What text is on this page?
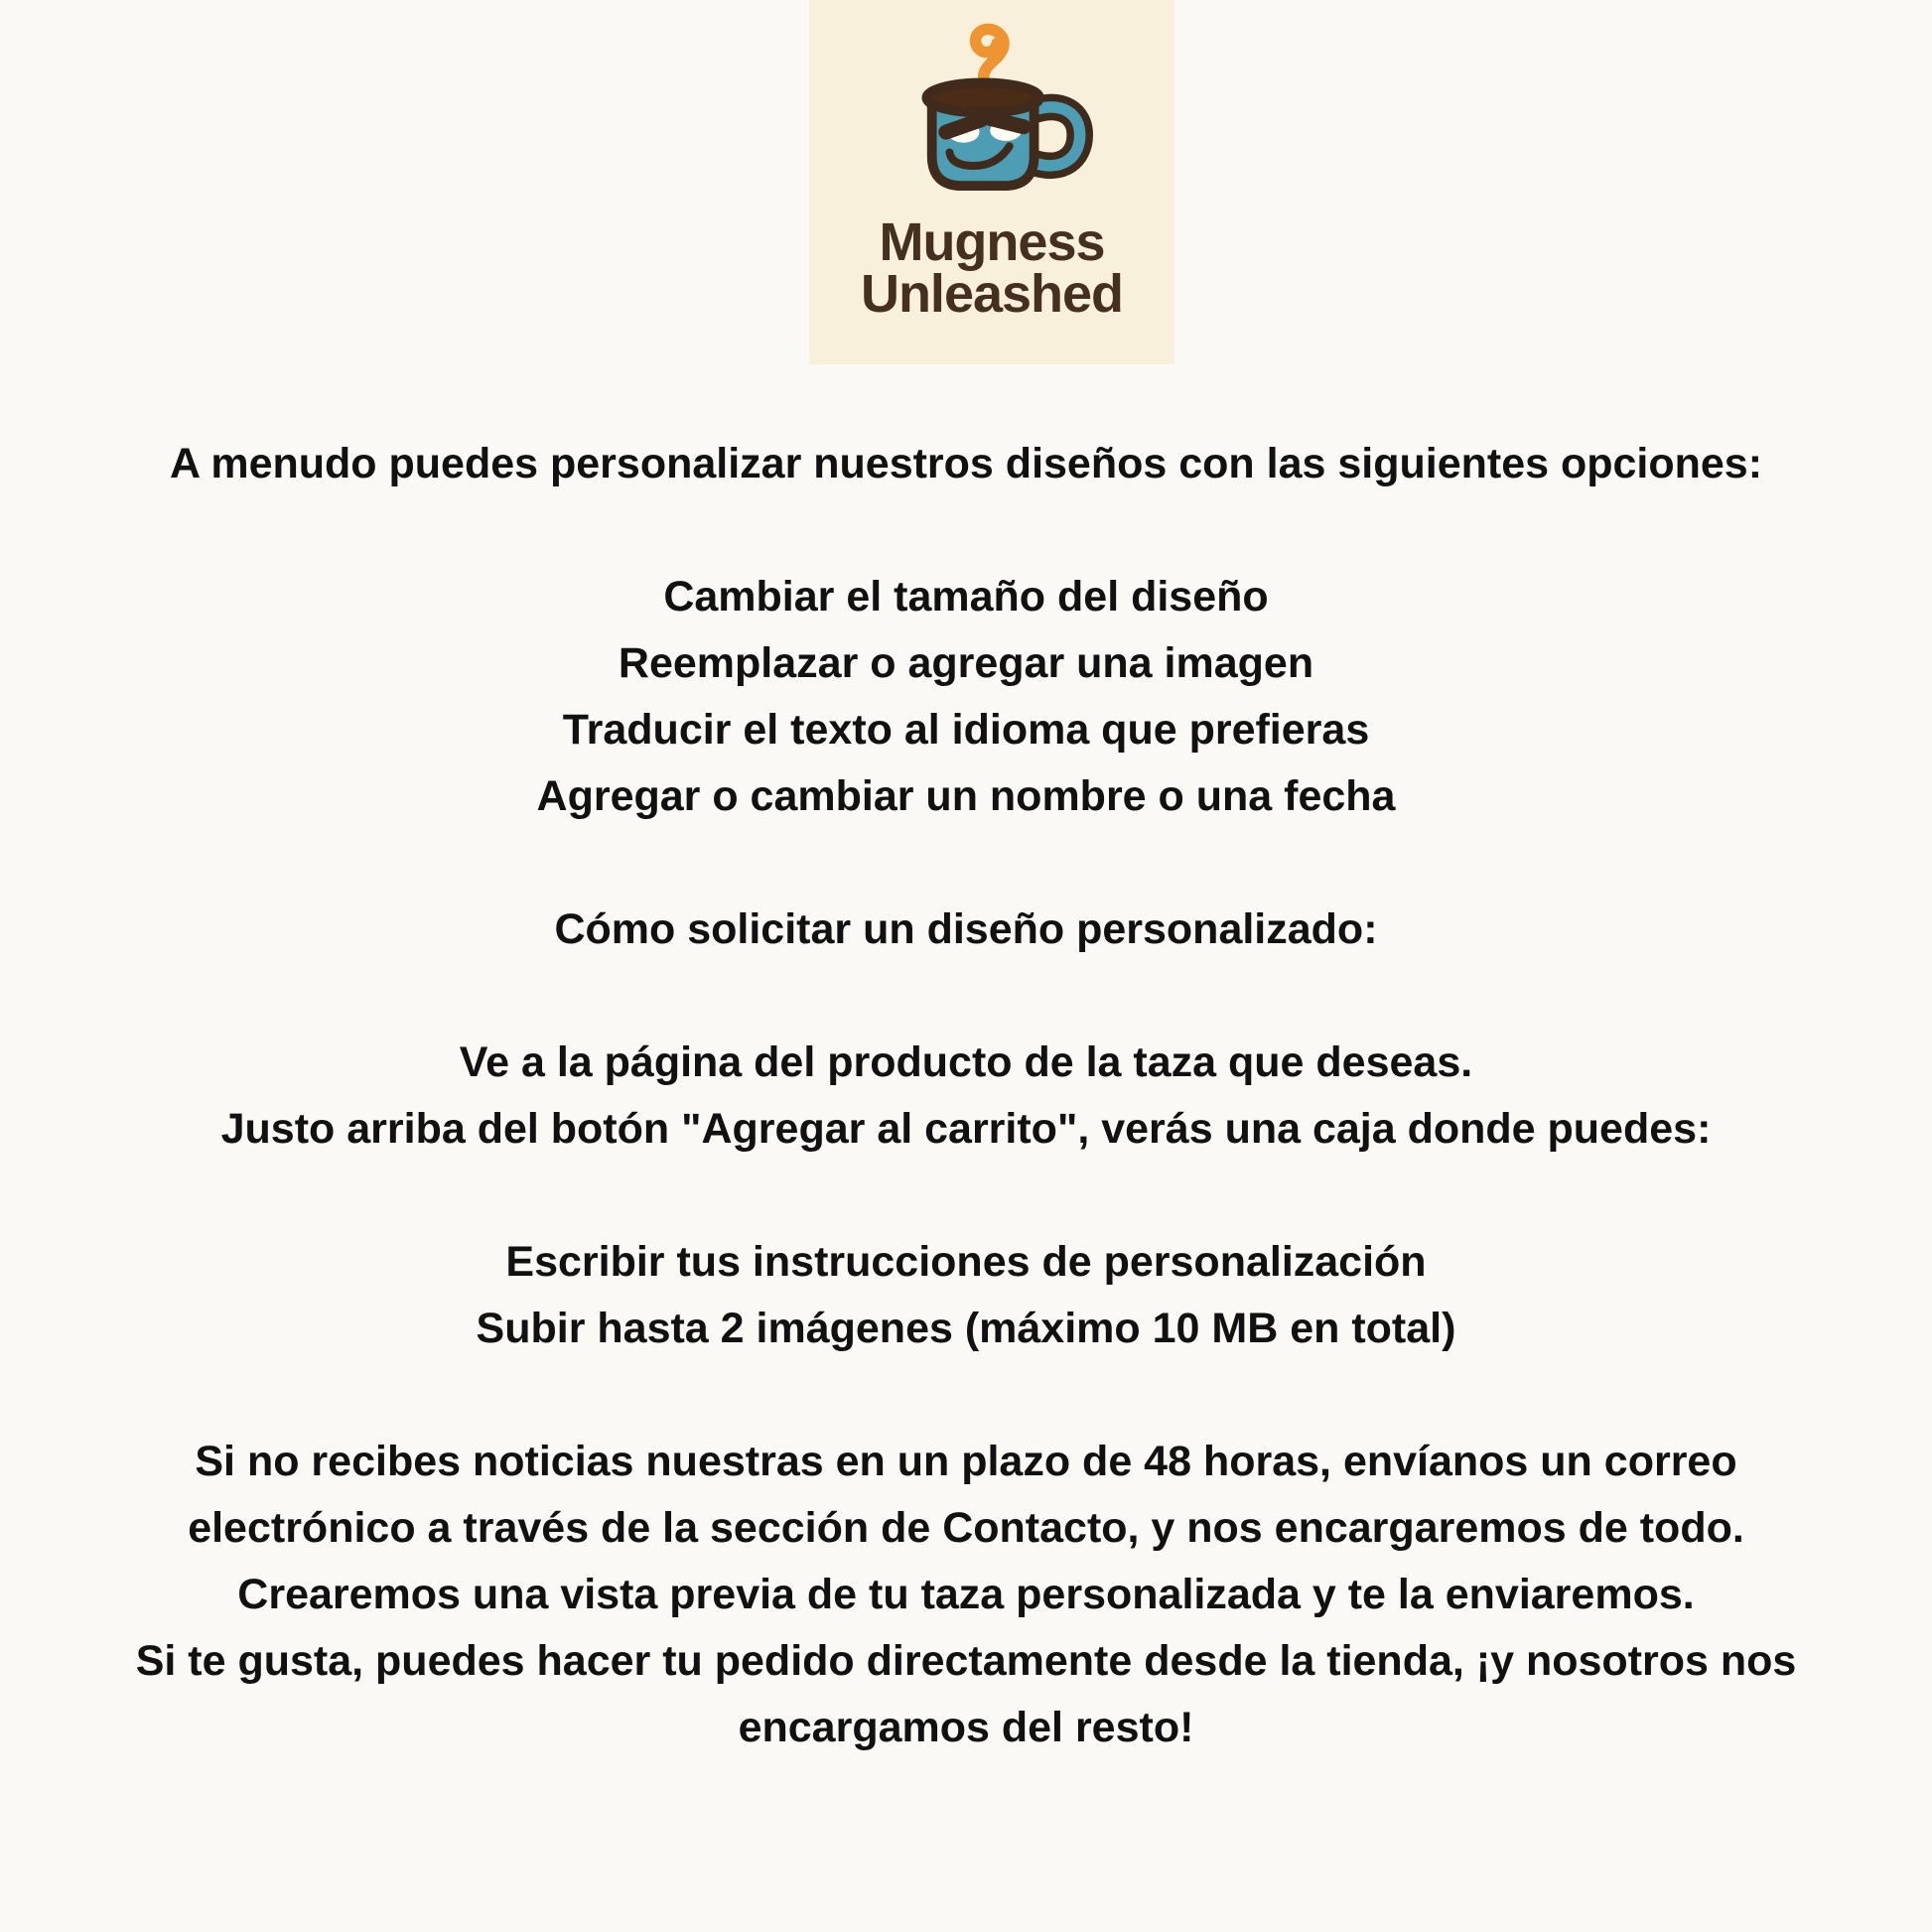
Mugness
Unleashed
A menudo puedes personalizar nuestros diseños con las siguientes opciones:
Cambiar el tamaño del diseño
Reemplazar o agregar una imagen
Traducir el texto al idioma que prefieras
Agregar o cambiar un nombre o una fecha
Cómo solicitar un diseño personalizado:
Ve a la página del producto de la taza que deseas.
Justo arriba del botón "Agregar al carrito", verás una caja donde puedes:
Escribir tus instrucciones de personalización
Subir hasta 2 imágenes (máximo 10 MB en total)
Si no recibes noticias nuestras en un plazo de 48 horas, envíanos un correo
electrónico a través de la sección de Contacto, y nos encargaremos de todo.
Crearemos una vista previa de tu taza personalizada y te la enviaremos.
Si te gusta, puedes hacer tu pedido directamente desde la tienda, ¡y nosotros nos
encargamos del resto!
